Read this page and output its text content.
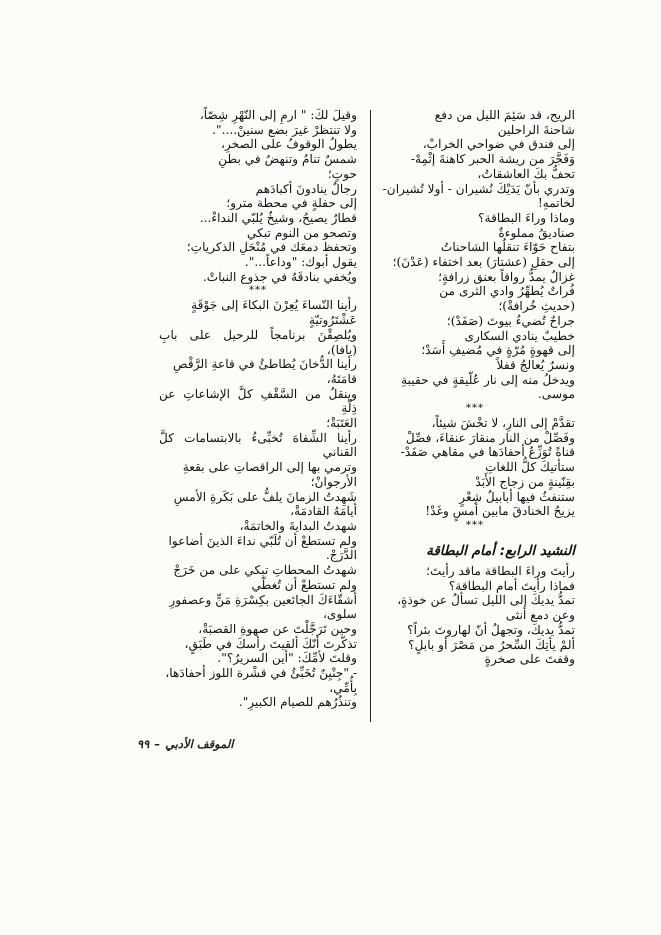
الريح، قد سَئِمَ الليل من دفع
شاحنةَ الراحلين
إلى فندق في ضواحي الخرابْ،
وَفَجَّرَ من ريشة الحبر كاهنةَ إثْمِهْ-
تحفُّ بكَ العاشقاتُ،
وتدري بأنّ يَدَيْكَ نُشيران - أولا تُشيران-
لخاتمهِ!
وماذا وراءَ البطاقة؟
صناديقُ مملوءةٌ
بتفاح حَوّاءَ تنقلُها الشاحناتُ
إلى حقلِ (عشتارَ) بعد اختفاء (عَدْنَ)؛
غزالٌ يمدُّ رواقاً بعنق زرافةٍ؛
فُراتٌ يُطهِّرُ وادي الثرى من
(حديثِ خُرافةْ)؛
جراحٌ تُضيءُ بيوتَ (صَفَدْ)؛
خطيبٌ ينادي السكارى
إلى قهوةٍ مُرّةٍ في مُضيفِ أَسَدْ؛
ونسرٌ يُعالجُ قفلاً
ويدخلُ منه إلى نار عُلّيقةٍ في حقيبةِ
موسى.
***
تقدَّمْ إلى النارِ، لا تخْشَ شيئاً،
وفَصِّلْ من النار منقارَ عنقاءَ، فصِّلْ
قناةً تُوَزِّعُ أحفادَها في مقاهي صَفَدْ-
ستأتيكَ كلُّ اللغاتِ
بقِنّينةٍ من زجاج الأَبَدْ
ستنفثُ فيها أبابيلُ شِعْرٍ
يزيحُ الخنادقَ مابين أمسٍ وغَدْ!
***
النشيد الرابع: أمام البطاقة
رأيتَ وراءَ البطاقة ماقد رأيتَ؛
فماذا رأيتَ أمام البطاقة؟
تمدُّ يديكَ إلى الليل تسألُ عن خوذةٍ،
وعن دمع أنثى
تمدُّ يديكَ، وتجهلُ أنّ لهاروتَ بئراً؟
ألمْ يأتِكَ السِّحرُ من مَصْرَ أو بابلٍ؟
وقفتَ على صخرةٍ
وقيلَ لكَ: " ارمِ إلى النّهْرِ شِصّاً،
ولا تنتظرْ غيرَ بضع سنينْ....".
يطولُ الوقوفُ على الصخرِ،
شمسٌ تنامُ وتنهضُ في بطنِ
حوتٍ؛
رجالٌ ينادونَ أكبادَهم
إلى حفلةٍ في محطة مترو؛
قطارٌ يصيحُ، وشيخٌ يُلبّي النداءْ...
وتصحو من النوم تبكي
وتحفظ دمعَك في مُنْحَلِ الذكرياتِ؛
يقول أبوك: "وداعاً...".
ويُخفي بنادقَهُ في جذوع النباتْ.
***
رأينا النّساءَ يُعِرْنَ البكاءَ إلى جَوْقَةٍ
عَشْتَرُوتيّةٍ
ويُلصِقْنَ برنامجاً للرحيل على بابِ (يافا)،
رأينا الدُّخانَ يُطاطئُ في قاعةِ الرَّقْصِ
قامَتَهُ،
وينقلُ من السَّقْفِ كلَّ الإشاعاتِ عن ذِلّةِ
العَتَبَةْ؛
رأينا الشِّفاهَ تُخبِّىءُ بالابتسامات كلَّ القناني
وترمي بها إلى الراقصاتِ على بقعةِ
الأرجوانْ؛
شَهِدتُ الزمانَ يلفُّ على بَكَرةِ الأمسِ
أيامَهُ القادمَةْ،
شهدتُ البدايةَ والخاتمَةْ،
ولم تستطعْ أن تُلَبّي نداءَ الذينَ أضاعوا
الدَّرَجْ.
شهدتُ المحطاتِ تبكي على من خَرَجْ
ولم تستطعْ أن تُغطّي
أشقّاءَكَ الجائعين بكِسْرَةِ مَنٍّ وعصفورِ
سلوى،
وحين تَرَجَّلْتَ عن صهوةِ القصبَةْ،
تذكّرتَ أنّكَ ألقيتَ رأسكَ في طَبَقٍ،
وقلتَ لأمِّكَ: "أين السريرُ؟".
- "جِنْيِنٌ تُخَبِّئُ في قشْرة اللوز أحفادَها،
بِأُمِّي،
وتنذُرُهم للصيام الكبيرِ".
الموقف الأدبي–٩٩
